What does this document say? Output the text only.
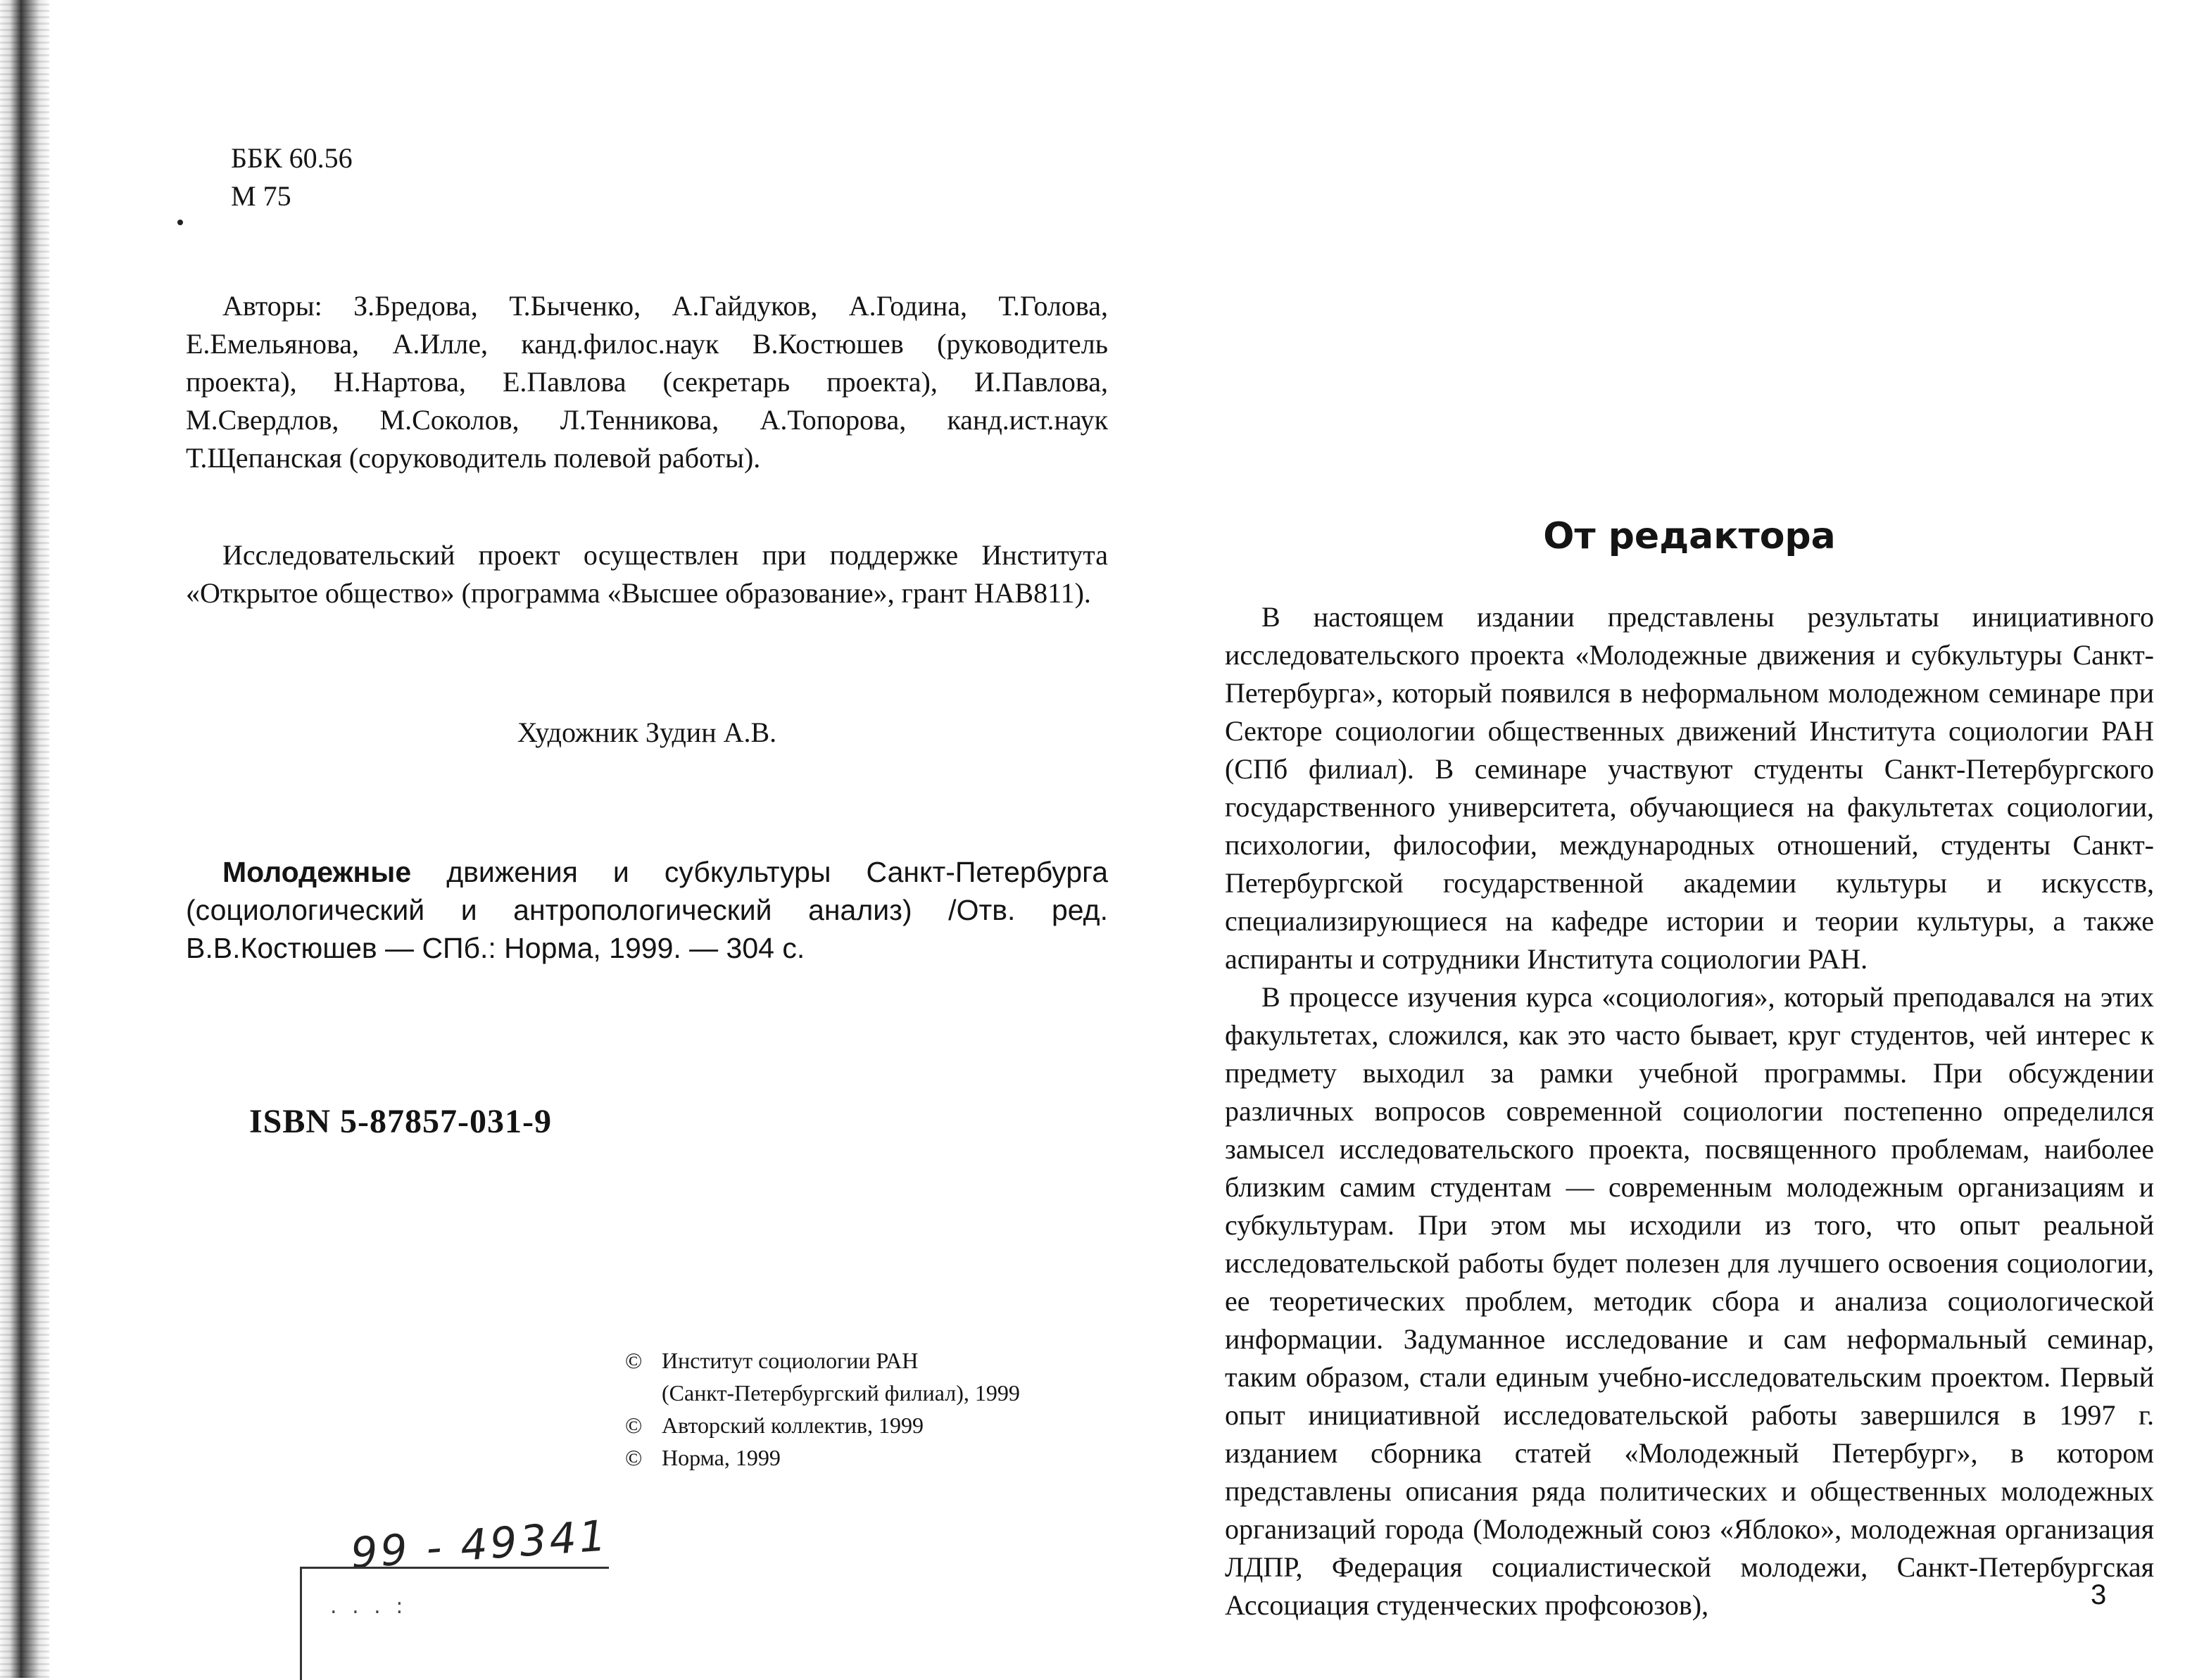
ББК 60.56
М 75
Авторы: З.Бредова, Т.Быченко, А.Гайдуков, А.Година, Т.Голова, Е.Емельянова, А.Илле, канд.филос.наук В.Костюшев (руководитель проекта), Н.Нартова, Е.Павлова (секретарь проекта), И.Павлова, М.Свердлов, М.Соколов, Л.Тенникова, А.Топорова, канд.ист.наук Т.Щепанская (соруководитель полевой работы).
Исследовательский проект осуществлен при поддержке Института «Открытое общество» (программа «Высшее образование», грант HAB811).
Художник Зудин А.В.
Молодежные движения и субкультуры Санкт-Петербурга (социологический и антропологический анализ) /Отв. ред. В.В.Костюшев — СПб.: Норма, 1999. — 304 с.
ISBN 5-87857-031-9
© Институт социологии РАН
(Санкт-Петербургский филиал), 1999
© Авторский коллектив, 1999
© Норма, 1999
99 - 49341
. . . :
От редактора

В настоящем издании представлены результаты инициативного исследовательского проекта «Молодежные движения и субкультуры Санкт-Петербурга», который появился в неформальном молодежном семинаре при Секторе социологии общественных движений Института социологии РАН (СПб филиал). В семинаре участвуют студенты Санкт-Петербургского государственного университета, обучающиеся на факультетах социологии, психологии, философии, международных отношений, студенты Санкт-Петербургской государственной академии культуры и искусств, специализирующиеся на кафедре истории и теории культуры, а также аспиранты и сотрудники Института социологии РАН.

В процессе изучения курса «социология», который преподавался на этих факультетах, сложился, как это часто бывает, круг студентов, чей интерес к предмету выходил за рамки учебной программы. При обсуждении различных вопросов современной социологии постепенно определился замысел исследовательского проекта, посвященного проблемам, наиболее близким самим студентам — современным молодежным организациям и субкультурам. При этом мы исходили из того, что опыт реальной исследовательской работы будет полезен для лучшего освоения социологии, ее теоретических проблем, методик сбора и анализа социологической информации. Задуманное исследование и сам неформальный семинар, таким образом, стали единым учебно-исследовательским проектом. Первый опыт инициативной исследовательской работы завершился в 1997 г. изданием сборника статей «Молодежный Петербург», в котором представлены описания ряда политических и общественных молодежных организаций города (Молодежный союз «Яблоко», молодежная организация ЛДПР, Федерация социалистической молодежи, Санкт-Петербургская Ассоциация студенческих профсоюзов),	3
